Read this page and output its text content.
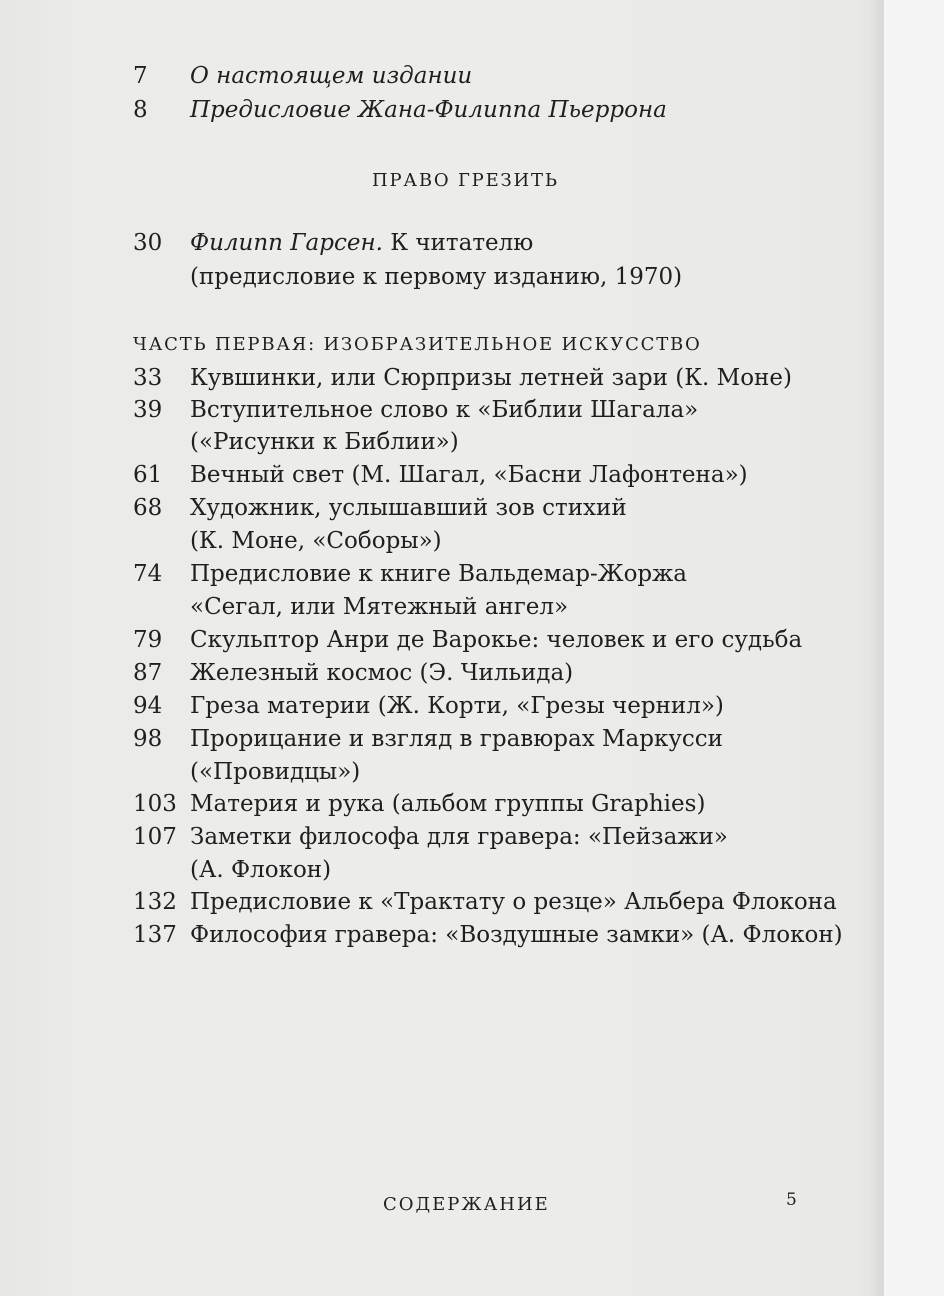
7 О настоящем издании
8 Предисловие Жана-Филиппа Пьеррона
ПРАВО ГРЕЗИТЬ
30 Филипп Гарсен. К читателю
(предисловие к первому изданию, 1970)
ЧАСТЬ ПЕРВАЯ: ИЗОБРАЗИТЕЛЬНОЕ ИСКУССТВО
33 Кувшинки, или Сюрпризы летней зари (К. Моне)
39 Вступительное слово к «Библии Шагала»
(«Рисунки к Библии»)
61 Вечный свет (М. Шагал, «Басни Лафонтена»)
68 Художник, услышавший зов стихий
(К. Моне, «Соборы»)
74 Предисловие к книге Вальдемар-Жоржа
«Сегал, или Мятежный ангел»
79 Скульптор Анри де Варокье: человек и его судьба
87 Железный космос (Э. Чильида)
94 Греза материи (Ж. Корти, «Грезы чернил»)
98 Прорицание и взгляд в гравюрах Маркусси
(«Провидцы»)
103 Материя и рука (альбом группы Graphies)
107 Заметки философа для гравера: «Пейзажи»
(А. Флокон)
132 Предисловие к «Трактату о резце» Альбера Флокона
137 Философия гравера: «Воздушные замки» (А. Флокон)
СОДЕРЖАНИЕ	5
